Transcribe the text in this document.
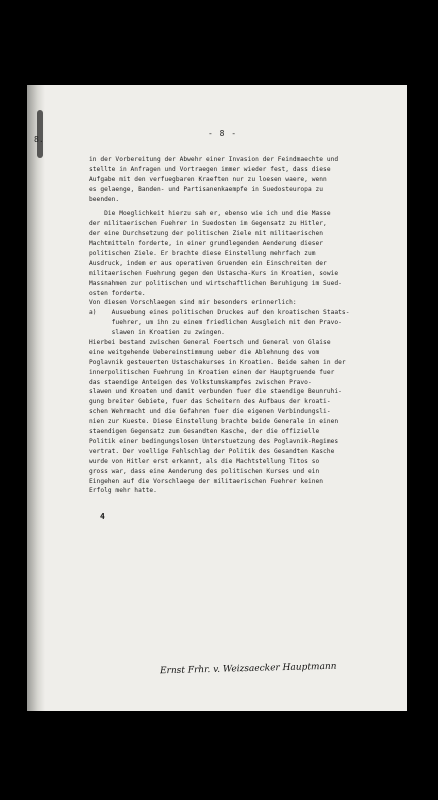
8.
- 8 -
in der Vorbereitung der Abwehr einer Invasion der Feindmaechte und
stellte in Anfragen und Vortraegen immer wieder fest, dass diese
Aufgabe mit den verfuegbaren Kraeften nur zu loesen waere, wenn
es gelaenge, Banden- und Partisanenkaempfe in Suedosteuropa zu
beenden.
Die Moeglichkeit hierzu sah er, ebenso wie ich und die Masse
der militaerischen Fuehrer in Suedosten im Gegensatz zu Hitler,
der eine Durchsetzung der politischen Ziele mit militaerischen
Machtmitteln forderte, in einer grundlegenden Aenderung dieser
politischen Ziele. Er brachte diese Einstellung mehrfach zum
Ausdruck, indem er aus operativen Gruenden ein Einschreiten der
militaerischen Fuehrung gegen den Ustascha-Kurs in Kroatien, sowie
Massnahmen zur politischen und wirtschaftlichen Beruhigung im Sued-
osten forderte.
Von diesen Vorschlaegen sind mir besonders erinnerlich:
a)    Ausuebung eines politischen Druckes auf den kroatischen Staats-
fuehrer, um ihn zu einem friedlichen Ausgleich mit den Pravo-
slawen in Kroatien zu zwingen.
Hierbei bestand zwischen General Foertsch und General von Glaise
eine weitgehende Uebereinstimmung ueber die Ablehnung des vom
Poglavnik gesteuerten Ustaschakurses in Kroatien. Beide sahen in der
innerpolitischen Fuehrung in Kroatien einen der Hauptgruende fuer
das staendige Anteigen des Volkstumskampfes zwischen Pravo-
slawen und Kroaten und damit verbunden fuer die staendige Beunruhi-
gung breiter Gebiete, fuer das Scheitern des Aufbaus der kroati-
schen Wehrmacht und die Gefahren fuer die eigenen Verbindungsli-
nien zur Kueste. Diese Einstellung brachte beide Generale in einen
staendigen Gegensatz zum Gesandten Kasche, der die offizielle
Politik einer bedingungslosen Unterstuetzung des Poglavnik-Regimes
vertrat. Der voellige Fehlschlag der Politik des Gesandten Kasche
wurde von Hitler erst erkannt, als die Machtstellung Titos so
gross war, dass eine Aenderung des politischen Kurses und ein
Eingehen auf die Vorschlaege der militaerischen Fuehrer keinen
Erfolg mehr hatte.
4
Ernst Frhr. v. Weizsaecker Hauptmann
